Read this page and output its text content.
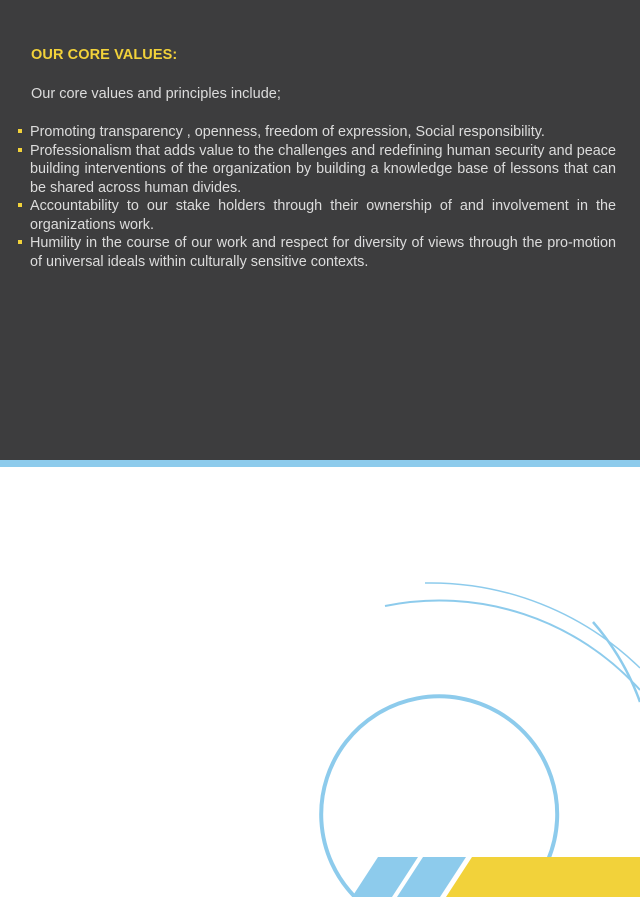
OUR CORE VALUES:

Our core values and principles include;

Promoting transparency , openness, freedom of expression, Social responsibility.
Professionalism that adds value to the challenges and redefining human security and peace building interventions of the organization by building a knowledge base of lessons that can be shared across human divides.
Accountability to our stake holders through their ownership of and involvement in the organizations work.
Humility in the course of our work and respect for diversity of views through the pro-motion of universal ideals within culturally sensitive contexts.
